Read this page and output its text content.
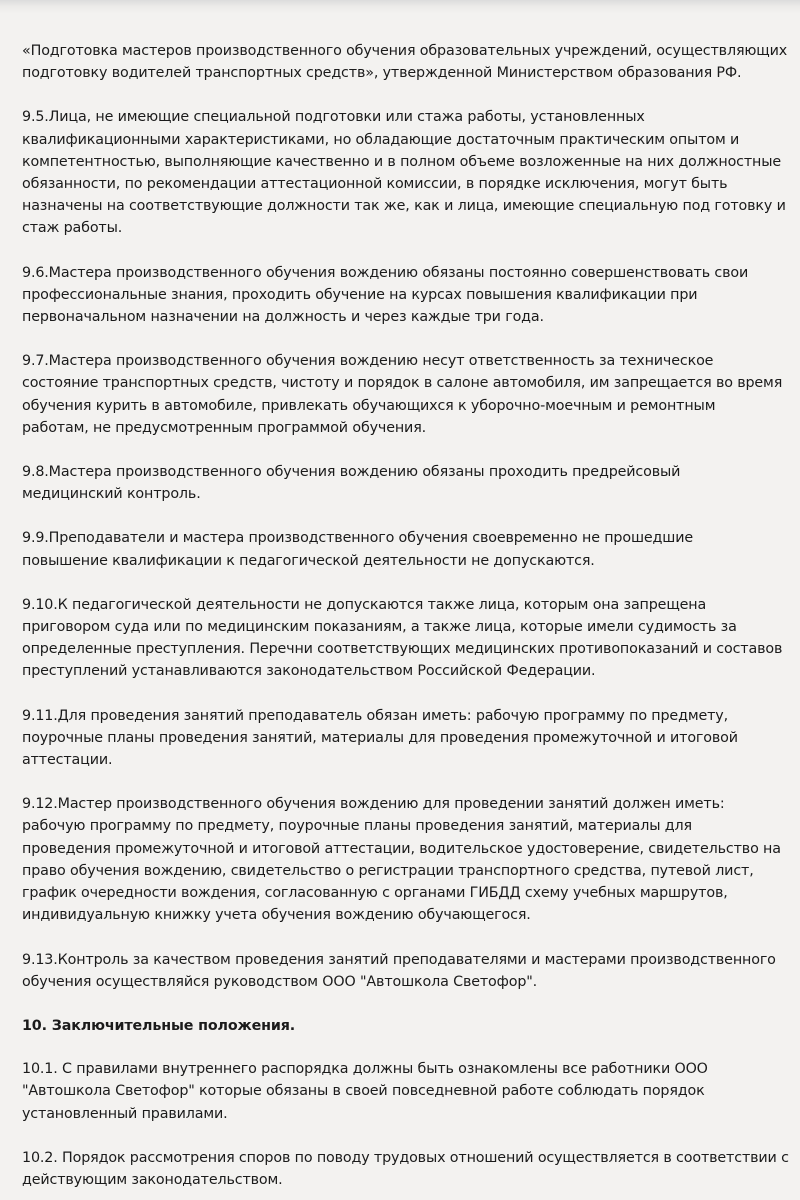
«Подготовка мастеров производственного обучения образовательных учреждений, осуществляющих
подготовку водителей транспортных средств», утвержденной Министерством образования РФ.
9.5.Лица, не имеющие специальной подготовки или стажа работы, установленных
квалификационными характеристиками, но обладающие достаточным практическим опытом и
компетентностью, выполняющие качественно и в полном объеме возложенные на них должностные
обязанности, по рекомендации аттестационной комиссии, в порядке исключения, могут быть
назначены на соответствующие должности так же, как и лица, имеющие специальную под готовку и
стаж работы.
9.6.Мастера производственного обучения вождению обязаны постоянно совершенствовать свои
профессиональные знания, проходить обучение на курсах повышения квалификации при
первоначальном назначении на должность и через каждые три года.
9.7.Мастера производственного обучения вождению несут ответственность за техническое
состояние транспортных средств, чистоту и порядок в салоне автомобиля, им запрещается во время
обучения курить в автомобиле, привлекать обучающихся к уборочно-моечным и ремонтным
работам, не предусмотренным программой обучения.
9.8.Мастера производственного обучения вождению обязаны проходить предрейсовый
медицинский контроль.
9.9.Преподаватели и мастера производственного обучения своевременно не прошедшие
повышение квалификации к педагогической деятельности не допускаются.
9.10.К педагогической деятельности не допускаются также лица, которым она запрещена
приговором суда или по медицинским показаниям, а также лица, которые имели судимость за
определенные преступления. Перечни соответствующих медицинских противопоказаний и составов
преступлений устанавливаются законодательством Российской Федерации.
9.11.Для проведения занятий преподаватель обязан иметь: рабочую программу по предмету,
поурочные планы проведения занятий, материалы для проведения промежуточной и итоговой
аттестации.
9.12.Мастер производственного обучения вождению для проведении занятий должен иметь:
рабочую программу по предмету, поурочные планы проведения занятий, материалы для
проведения промежуточной и итоговой аттестации, водительское удостоверение, свидетельство на
право обучения вождению, свидетельство о регистрации транспортного средства, путевой лист,
график очередности вождения, согласованную с органами ГИБДД схему учебных маршрутов,
индивидуальную книжку учета обучения вождению обучающегося.
9.13.Контроль за качеством проведения занятий преподавателями и мастерами производственного
обучения осуществляйся руководством ООО "Автошкола Светофор".
10. Заключительные положения.
10.1. С правилами внутреннего распорядка должны быть ознакомлены все работники ООО
"Автошкола Светофор" которые обязаны в своей повседневной работе соблюдать порядок
установленный правилами.
10.2. Порядок рассмотрения споров по поводу трудовых отношений осуществляется в соответствии с
действующим законодательством.
